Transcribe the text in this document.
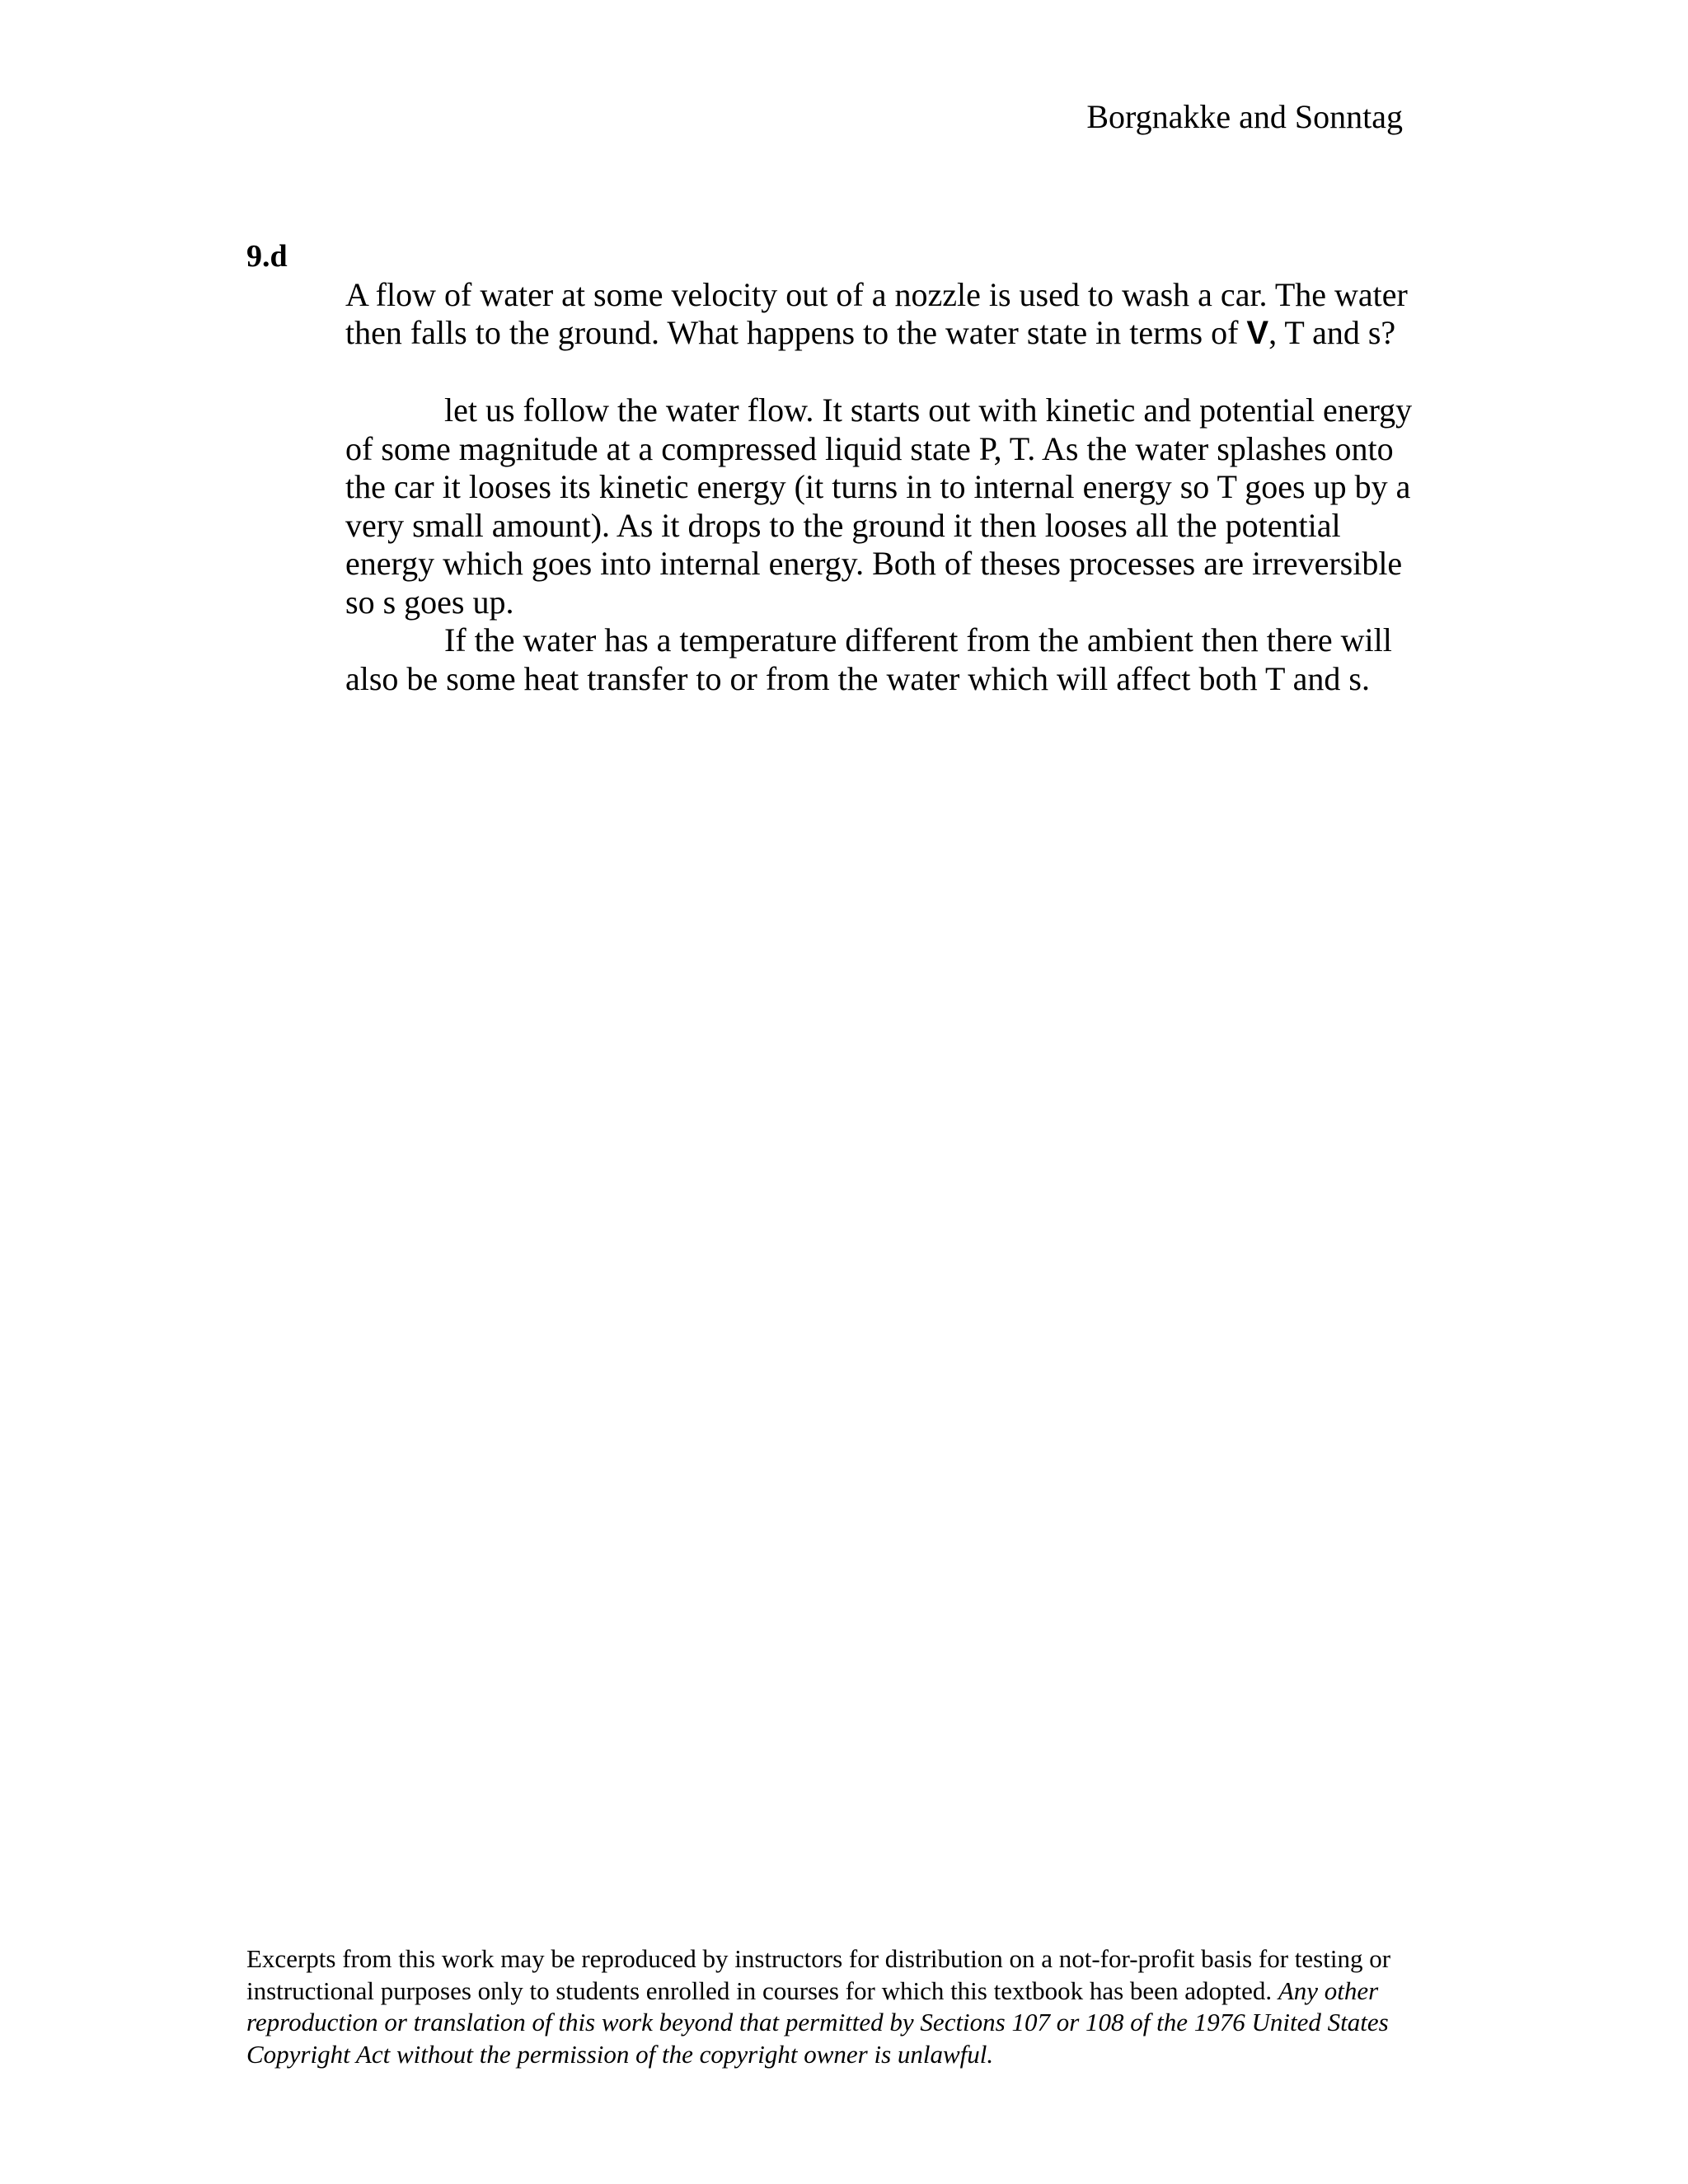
Borgnakke and Sonntag
9.d

A flow of water at some velocity out of a nozzle is used to wash a car. The water then falls to the ground. What happens to the water state in terms of V, T and s?

let us follow the water flow. It starts out with kinetic and potential energy of some magnitude at a compressed liquid state P, T. As the water splashes onto the car it looses its kinetic energy (it turns in to internal energy so T goes up by a very small amount). As it drops to the ground it then looses all the potential energy which goes into internal energy. Both of theses processes are irreversible so s goes up.

If the water has a temperature different from the ambient then there will also be some heat transfer to or from the water which will affect both T and s.

Excerpts from this work may be reproduced by instructors for distribution on a not-for-profit basis for testing or instructional purposes only to students enrolled in courses for which this textbook has been adopted. Any other reproduction or translation of this work beyond that permitted by Sections 107 or 108 of the 1976 United States Copyright Act without the permission of the copyright owner is unlawful.
